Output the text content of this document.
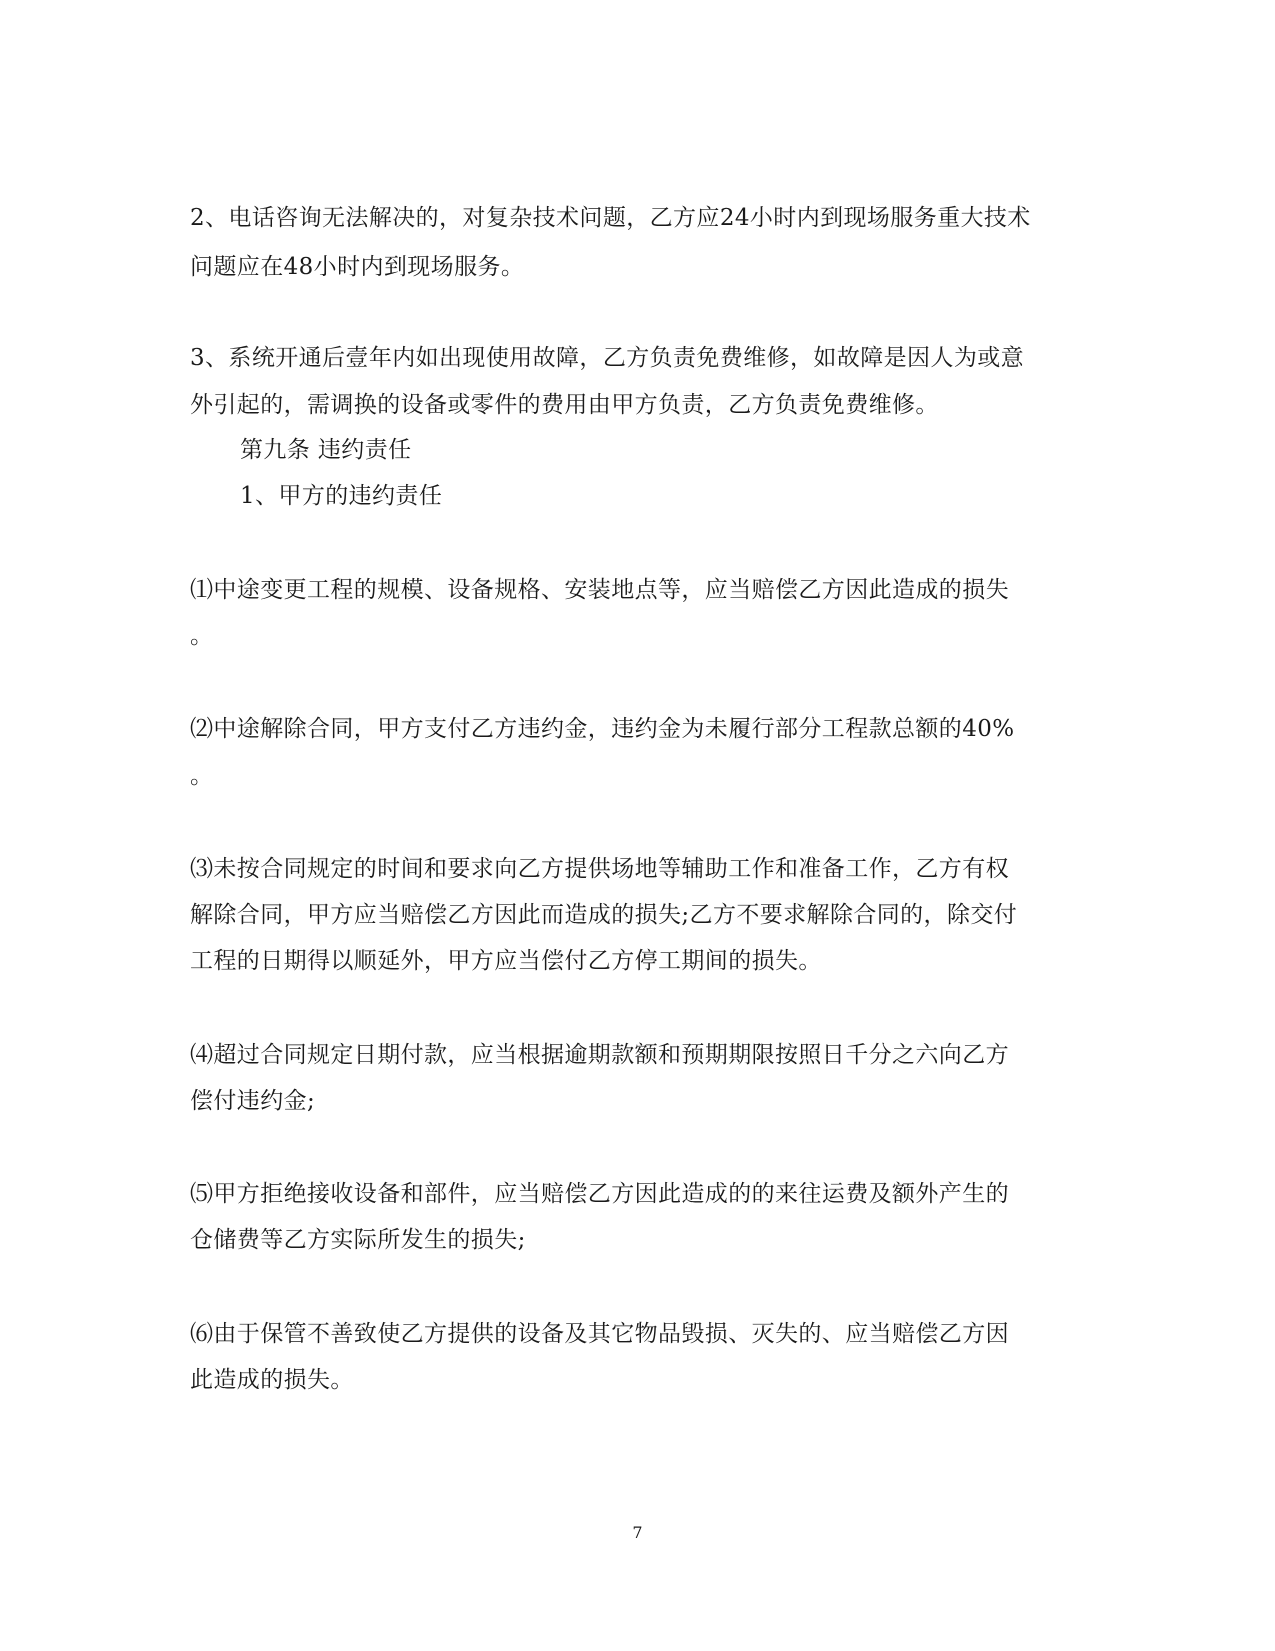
2、电话咨询无法解决的，对复杂技术问题，乙方应24小时内到现场服务重大技术
问题应在48小时内到现场服务。
3、系统开通后壹年内如出现使用故障，乙方负责免费维修，如故障是因人为或意
外引起的，需调换的设备或零件的费用由甲方负责，乙方负责免费维修。
第九条 违约责任
1、甲方的违约责任
⑴中途变更工程的规模、设备规格、安装地点等，应当赔偿乙方因此造成的损失
。
⑵中途解除合同，甲方支付乙方违约金，违约金为未履行部分工程款总额的40%
。
⑶未按合同规定的时间和要求向乙方提供场地等辅助工作和准备工作，乙方有权
解除合同，甲方应当赔偿乙方因此而造成的损失;乙方不要求解除合同的，除交付
工程的日期得以顺延外，甲方应当偿付乙方停工期间的损失。
⑷超过合同规定日期付款，应当根据逾期款额和预期期限按照日千分之六向乙方
偿付违约金;
⑸甲方拒绝接收设备和部件，应当赔偿乙方因此造成的的来往运费及额外产生的
仓储费等乙方实际所发生的损失;
⑹由于保管不善致使乙方提供的设备及其它物品毁损、灭失的、应当赔偿乙方因
此造成的损失。
7
